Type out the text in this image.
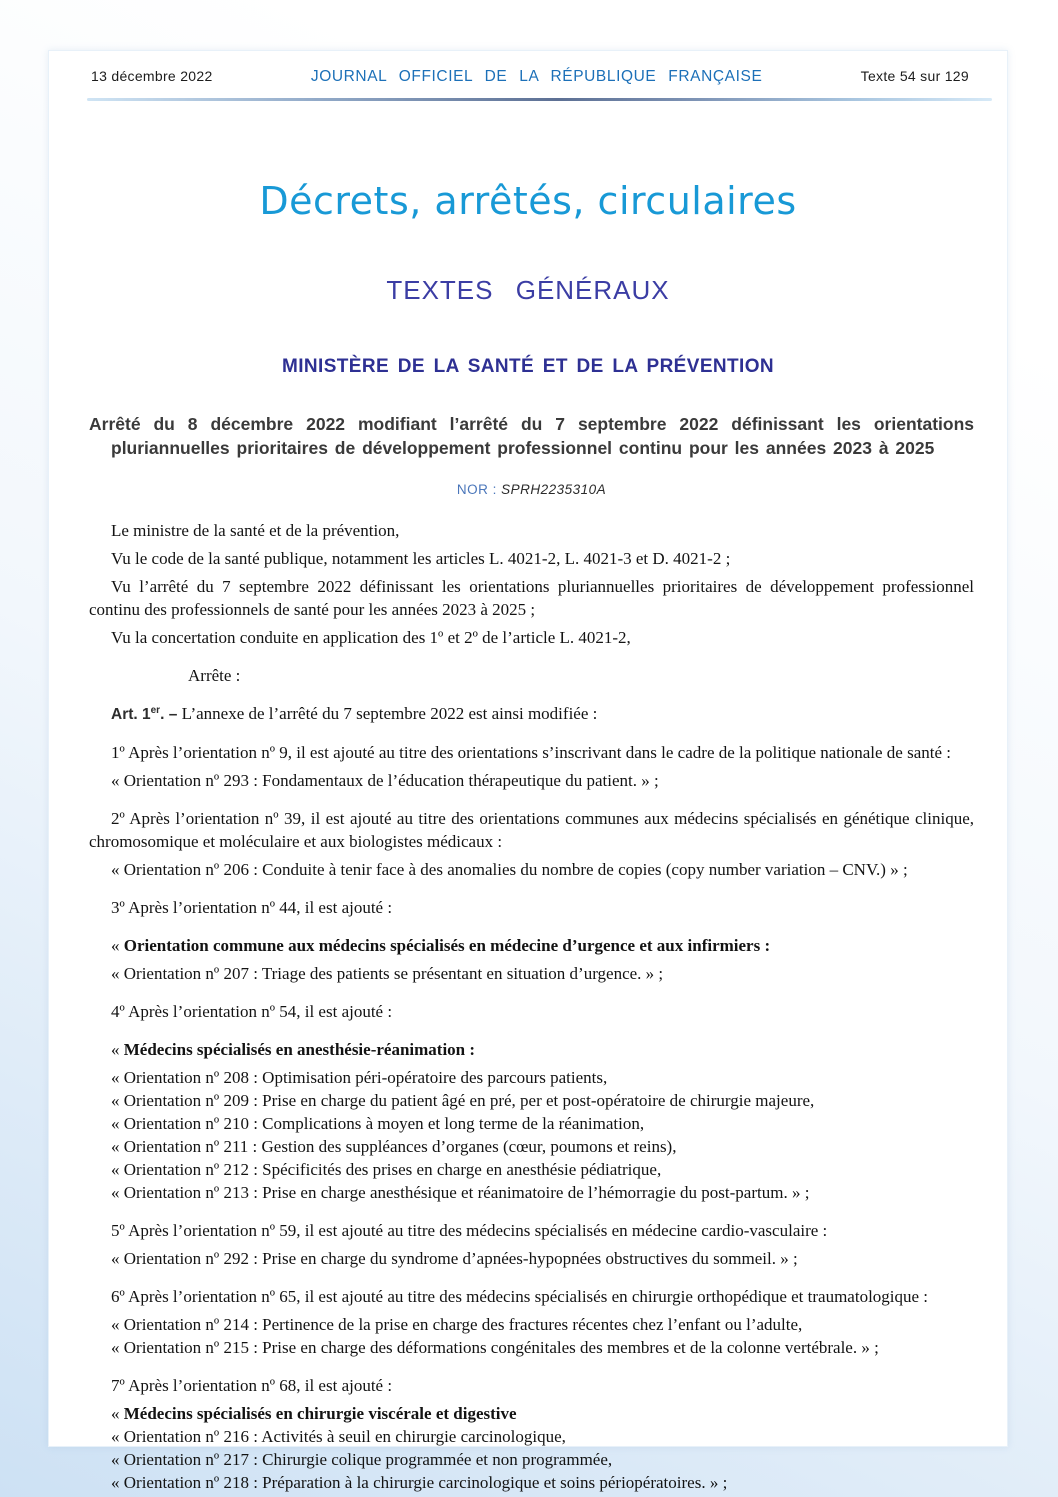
13 décembre 2022	JOURNAL OFFICIEL DE LA RÉPUBLIQUE FRANÇAISE	Texte 54 sur 129
Décrets, arrêtés, circulaires
TEXTES GÉNÉRAUX
MINISTÈRE DE LA SANTÉ ET DE LA PRÉVENTION
Arrêté du 8 décembre 2022 modifiant l’arrêté du 7 septembre 2022 définissant les orientations pluriannuelles prioritaires de développement professionnel continu pour les années 2023 à 2025
NOR : SPRH2235310A

Le ministre de la santé et de la prévention,

Vu le code de la santé publique, notamment les articles L. 4021-2, L. 4021-3 et D. 4021-2 ;

Vu l’arrêté du 7 septembre 2022 définissant les orientations pluriannuelles prioritaires de développement professionnel continu des professionnels de santé pour les années 2023 à 2025 ;

Vu la concertation conduite en application des 1º et 2º de l’article L. 4021-2,

Arrête :

Art. 1er. – L’annexe de l’arrêté du 7 septembre 2022 est ainsi modifiée :

1º Après l’orientation nº 9, il est ajouté au titre des orientations s’inscrivant dans le cadre de la politique nationale de santé :

« Orientation nº 293 : Fondamentaux de l’éducation thérapeutique du patient. » ;

2º Après l’orientation nº 39, il est ajouté au titre des orientations communes aux médecins spécialisés en génétique clinique, chromosomique et moléculaire et aux biologistes médicaux :

« Orientation nº 206 : Conduite à tenir face à des anomalies du nombre de copies (copy number variation – CNV.) » ;

3º Après l’orientation nº 44, il est ajouté :

« Orientation commune aux médecins spécialisés en médecine d’urgence et aux infirmiers :

« Orientation nº 207 : Triage des patients se présentant en situation d’urgence. » ;

4º Après l’orientation nº 54, il est ajouté :

« Médecins spécialisés en anesthésie-réanimation :

« Orientation nº 208 : Optimisation péri-opératoire des parcours patients,

« Orientation nº 209 : Prise en charge du patient âgé en pré, per et post-opératoire de chirurgie majeure,

« Orientation nº 210 : Complications à moyen et long terme de la réanimation,

« Orientation nº 211 : Gestion des suppléances d’organes (cœur, poumons et reins),

« Orientation nº 212 : Spécificités des prises en charge en anesthésie pédiatrique,

« Orientation nº 213 : Prise en charge anesthésique et réanimatoire de l’hémorragie du post-partum. » ;

5º Après l’orientation nº 59, il est ajouté au titre des médecins spécialisés en médecine cardio-vasculaire :

« Orientation nº 292 : Prise en charge du syndrome d’apnées-hypopnées obstructives du sommeil. » ;

6º Après l’orientation nº 65, il est ajouté au titre des médecins spécialisés en chirurgie orthopédique et traumatologique :

« Orientation nº 214 : Pertinence de la prise en charge des fractures récentes chez l’enfant ou l’adulte,

« Orientation nº 215 : Prise en charge des déformations congénitales des membres et de la colonne vertébrale. » ;

7º Après l’orientation nº 68, il est ajouté :

« Médecins spécialisés en chirurgie viscérale et digestive

« Orientation nº 216 : Activités à seuil en chirurgie carcinologique,

« Orientation nº 217 : Chirurgie colique programmée et non programmée,

« Orientation nº 218 : Préparation à la chirurgie carcinologique et soins périopératoires. » ;
